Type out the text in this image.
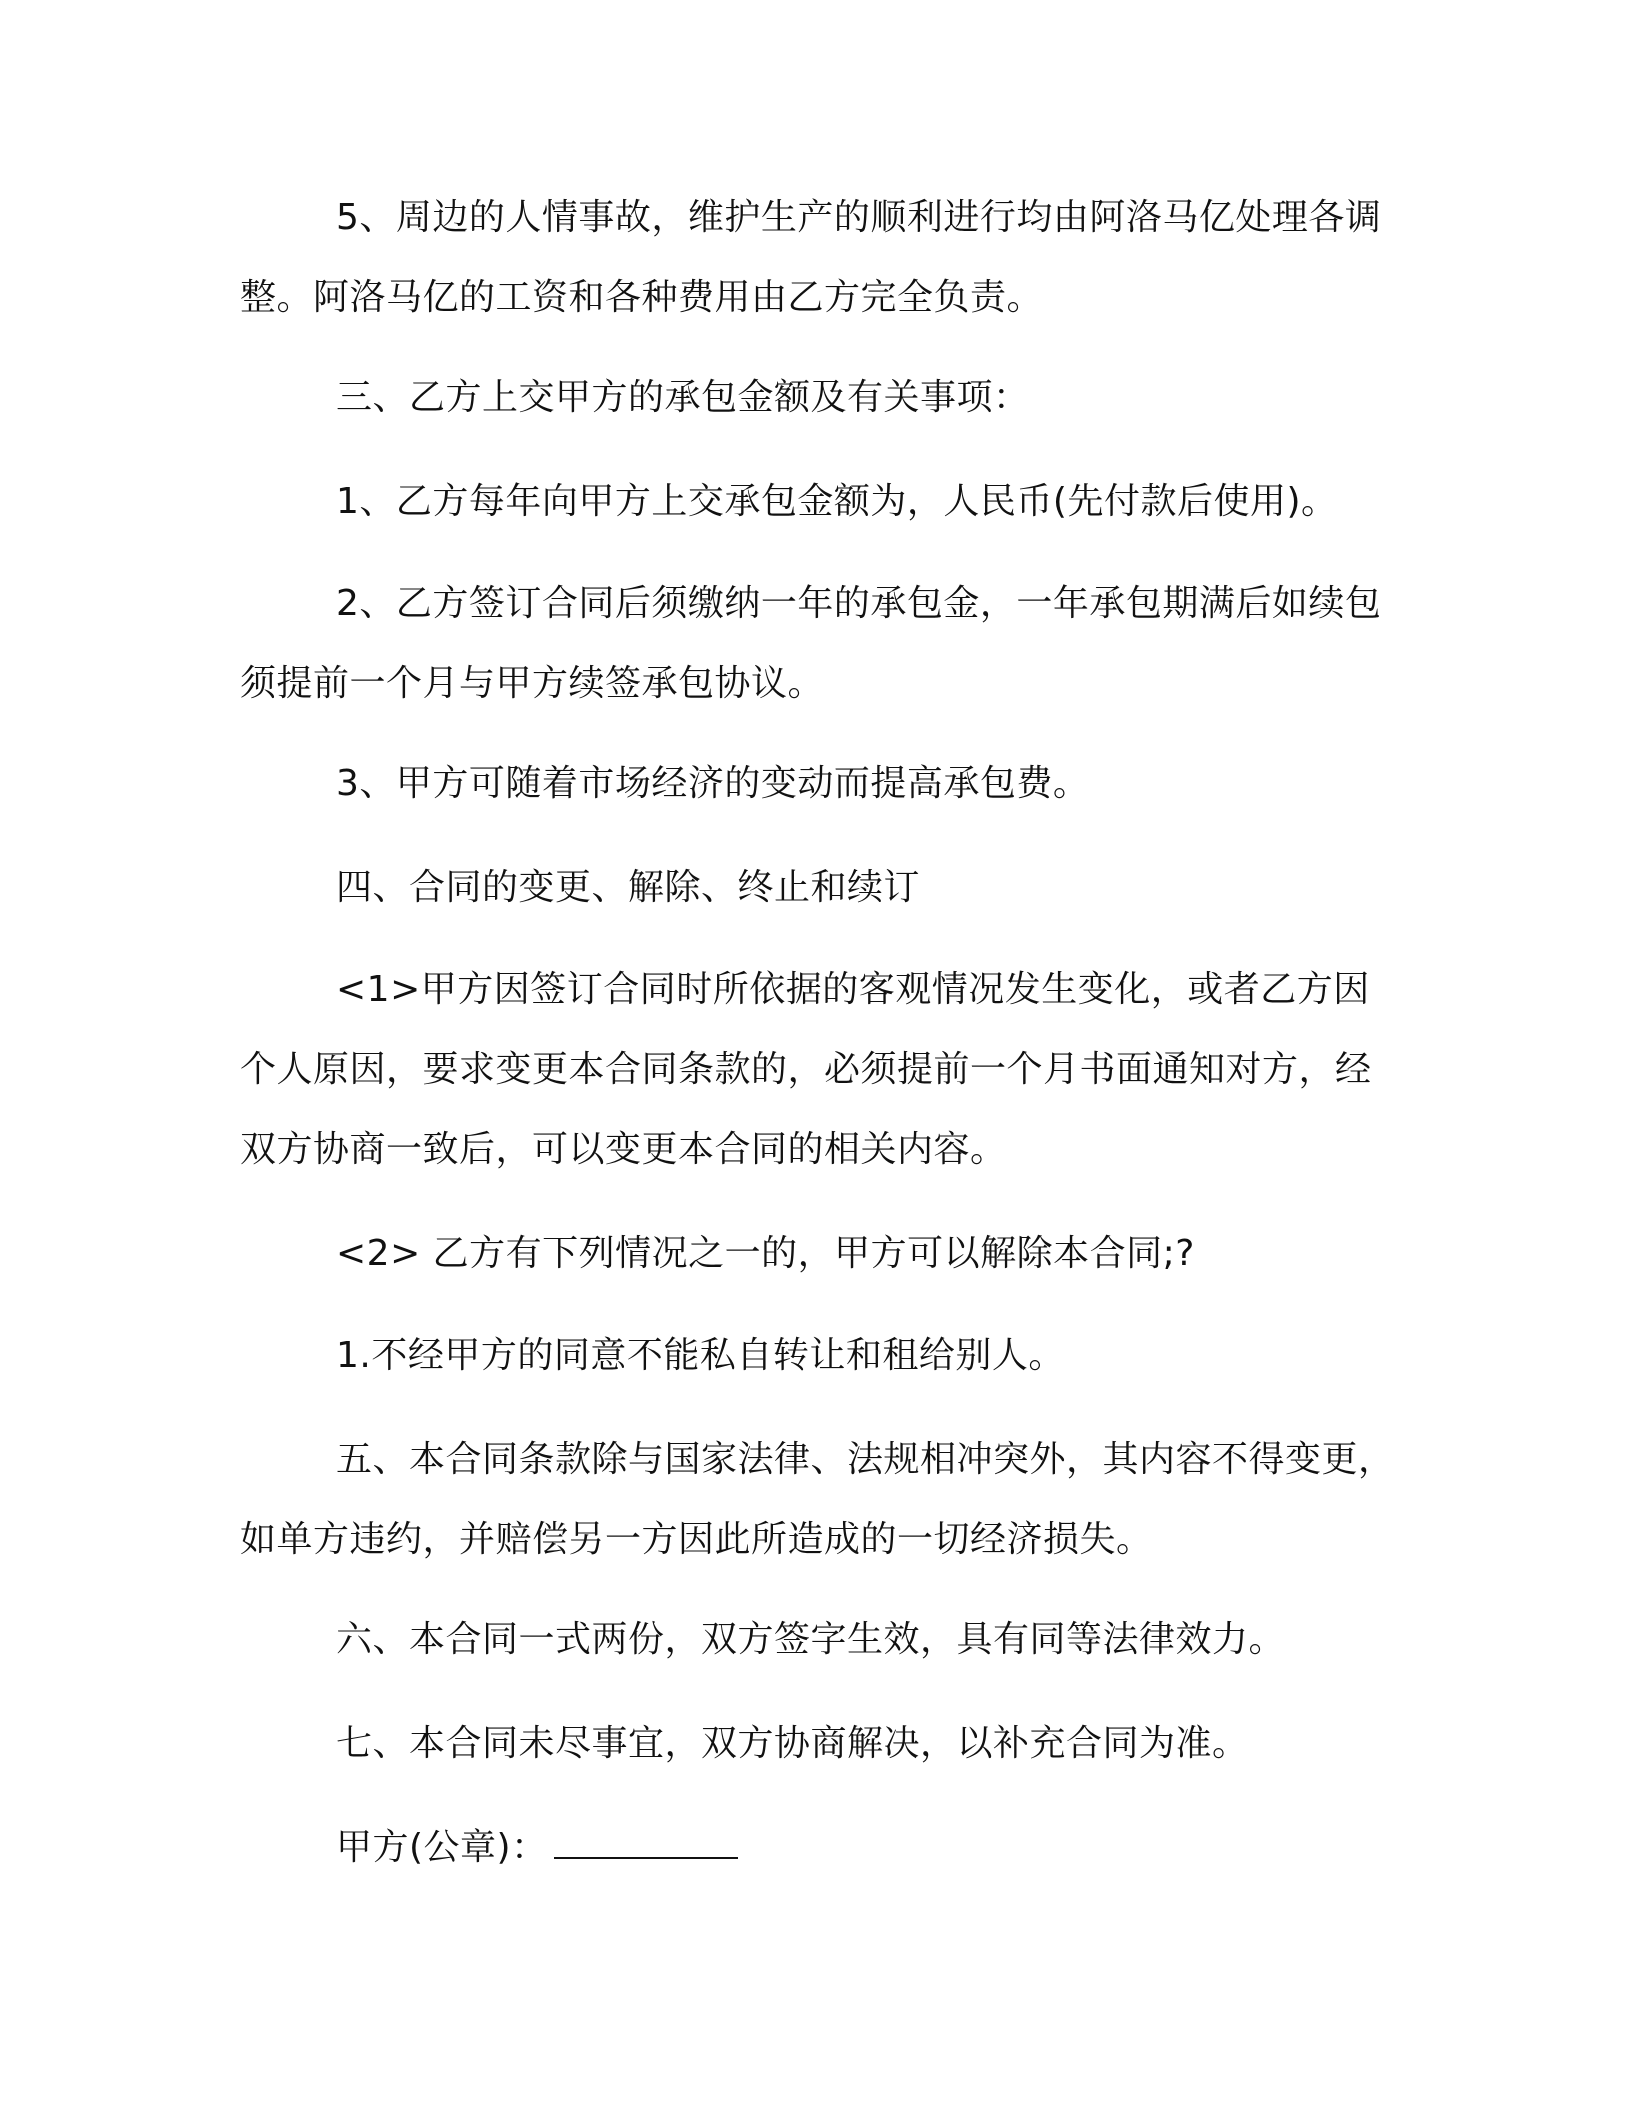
5、周边的人情事故，维护生产的顺利进行均由阿洛马亿处理各调整。阿洛马亿的工资和各种费用由乙方完全负责。

三、乙方上交甲方的承包金额及有关事项：

1、乙方每年向甲方上交承包金额为，人民币(先付款后使用)。

2、乙方签订合同后须缴纳一年的承包金，一年承包期满后如续包须提前一个月与甲方续签承包协议。

3、甲方可随着市场经济的变动而提高承包费。

四、合同的变更、解除、终止和续订

<1>甲方因签订合同时所依据的客观情况发生变化，或者乙方因个人原因，要求变更本合同条款的，必须提前一个月书面通知对方，经双方协商一致后，可以变更本合同的相关内容。

<2> 乙方有下列情况之一的，甲方可以解除本合同;?

1.不经甲方的同意不能私自转让和租给别人。

五、本合同条款除与国家法律、法规相冲突外，其内容不得变更，如单方违约，并赔偿另一方因此所造成的一切经济损失。

六、本合同一式两份，双方签字生效，具有同等法律效力。

七、本合同未尽事宜，双方协商解决，以补充合同为准。

甲方(公章)：
